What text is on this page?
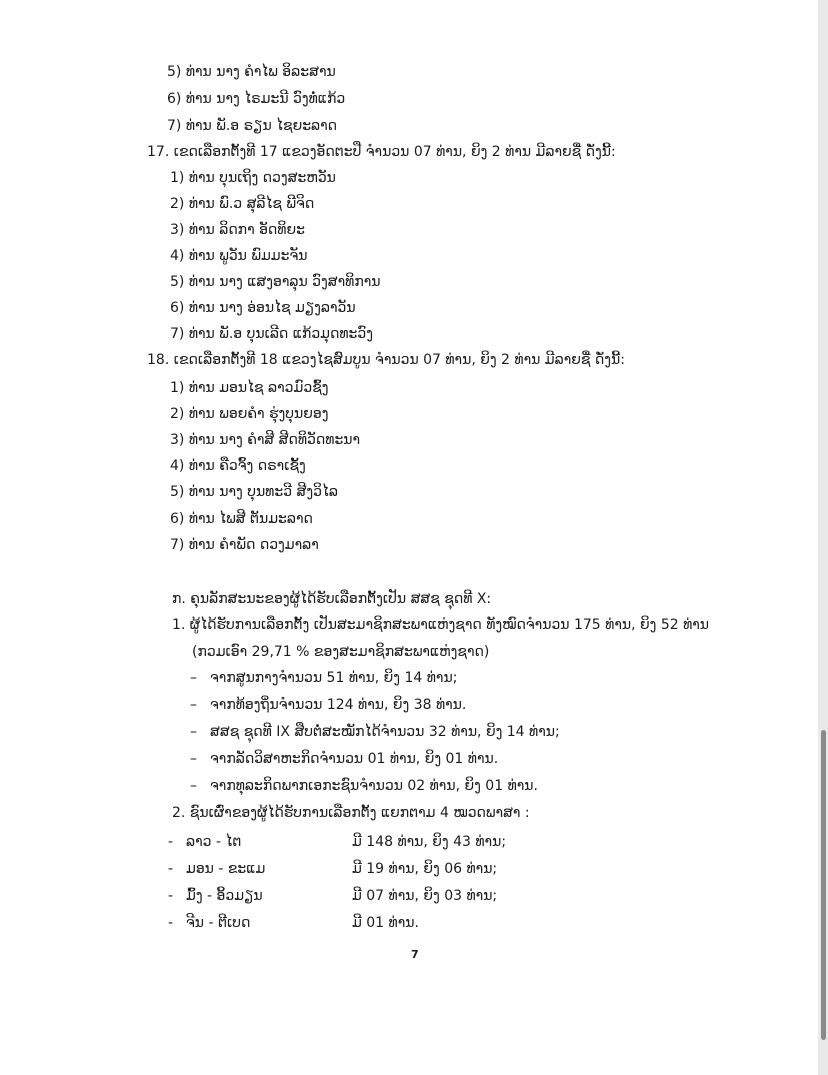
5) ທ່ານ ນາງ ຄຳໄພ ອິລະສານ
6) ທ່ານ ນາງ ໄຣມະນີ ວົງທໍ່ແກ້ວ
7) ທ່ານ ພັ.ອ ຣຽນ ໄຊຍະລາດ
17. ເຂດເລືອກຕັ້ງທີ 17 ແຂວງອັດຕະປື ຈຳນວນ 07 ທ່ານ, ຍິງ 2 ທ່ານ ມີລາຍຊື່ ດັ່ງນີ້:
1) ທ່ານ ບຸນເຖິງ ດວງສະຫວັນ
2) ທ່ານ ພົ.ວ ສຸລີໄຊ ພີຈິດ
3) ທ່ານ ລິດກາ ອັດທິຍະ
4) ທ່ານ ພູວັນ ພົມມະຈັນ
5) ທ່ານ ນາງ ແສງອາລຸນ ວົງສາທິການ
6) ທ່ານ ນາງ ອ່ອນໄຊ ມຽງລາວັນ
7) ທ່ານ ພັ.ອ ບຸນເລີດ ແກ້ວມຸດທະວົງ
18. ເຂດເລືອກຕັ້ງທີ 18 ແຂວງໄຊສົມບູນ ຈຳນວນ 07 ທ່ານ, ຍິງ 2 ທ່ານ ມີລາຍຊື່ ດັ່ງນີ້:
1) ທ່ານ ມອນໄຊ ລາວມົວຊົ້ງ
2) ທ່ານ ພອຍຄຳ ຮຸ່ງບຸນຍອງ
3) ທ່ານ ນາງ ຄຳສີ ສີດທິວັດທະນາ
4) ທ່ານ ຄືວຈົ້ງ ດຣາເຊັ້ງ
5) ທ່ານ ນາງ ບຸນທະວີ ສີງວິໄລ
6) ທ່ານ ໄພສີ ຕັນມະລາດ
7) ທ່ານ ຄຳພັດ ດວງມາລາ
ກ. ຄຸນລັກສະນະຂອງຜູ້ໄດ້ຮັບເລືອກຕັ້ງເປັນ ສສຊ ຊຸດທີ X:
1. ຜູ້ໄດ້ຮັບການເລືອກຕັ້ງ ເປັນສະມາຊິກສະພາແຫ່ງຊາດ ທັງໝົດຈຳນວນ 175 ທ່ານ, ຍິງ 52 ທ່ານ
(ກວມເອົາ 29,71 % ຂອງສະມາຊິກສະພາແຫ່ງຊາດ)
– ຈາກສູນກາງຈຳນວນ 51 ທ່ານ, ຍິງ 14 ທ່ານ;
– ຈາກທ້ອງຖິ່ນຈຳນວນ 124 ທ່ານ, ຍິງ 38 ທ່ານ.
– ສສຊ ຊຸດທີ IX ສືບຕໍ່ສະໝັກໄດ້ຈຳນວນ 32 ທ່ານ, ຍິງ 14 ທ່ານ;
– ຈາກລັດວິສາຫະກິດຈຳນວນ 01 ທ່ານ, ຍິງ 01 ທ່ານ.
– ຈາກທຸລະກິດພາກເອກະຊົນຈຳນວນ 02 ທ່ານ, ຍິງ 01 ທ່ານ.
2. ຊົນເຜົ່າຂອງຜູ້ໄດ້ຮັບການເລືອກຕັ້ງ ແຍກຕາມ 4 ໝວດພາສາ :
- ລາວ - ໄຕ	ມີ 148 ທ່ານ, ຍິງ 43 ທ່ານ;
- ມອນ - ຂະແມ	ມີ 19 ທ່ານ, ຍິງ 06 ທ່ານ;
- ມົ້ງ - ອິ້ວມຽນ	ມີ 07 ທ່ານ, ຍິງ 03 ທ່ານ;
- ຈີນ - ຕີເບດ	ມີ 01 ທ່ານ.
7
